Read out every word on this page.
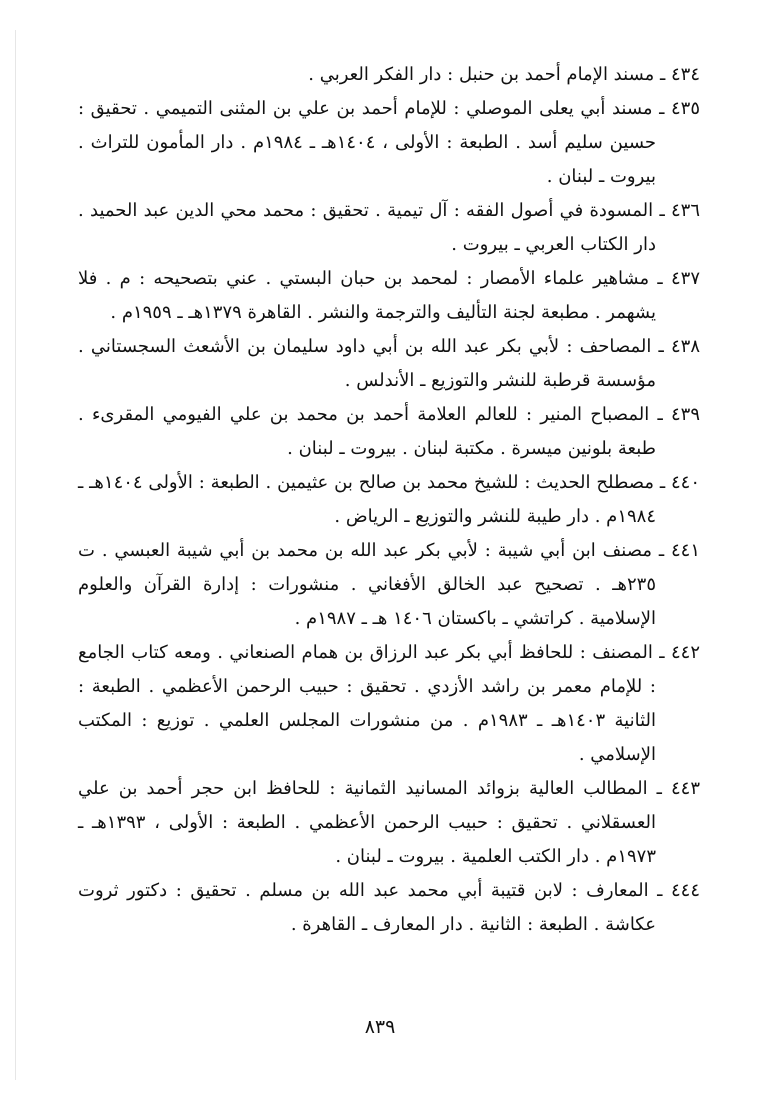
٤٣٤ ـ مسند الإمام أحمد بن حنبل : دار الفكر العربي .

٤٣٥ ـ مسند أبي يعلى الموصلي : للإمام أحمد بن علي بن المثنى التميمي . تحقيق : حسين سليم أسد . الطبعة : الأولى ، ١٤٠٤هـ ـ ١٩٨٤م . دار المأمون للتراث . بيروت ـ لبنان .

٤٣٦ ـ المسودة في أصول الفقه : آل تيمية . تحقيق : محمد محي الدين عبد الحميد . دار الكتاب العربي ـ بيروت .

٤٣٧ ـ مشاهير علماء الأمصار : لمحمد بن حبان البستي . عني بتصحيحه : م . فلا يشهمر . مطبعة لجنة التأليف والترجمة والنشر . القاهرة ١٣٧٩هـ ـ ١٩٥٩م .

٤٣٨ ـ المصاحف : لأبي بكر عبد الله بن أبي داود سليمان بن الأشعث السجستاني . مؤسسة قرطبة للنشر والتوزيع ـ الأندلس .

٤٣٩ ـ المصباح المنير : للعالم العلامة أحمد بن محمد بن علي الفيومي المقرىء . طبعة بلونين ميسرة . مكتبة لبنان . بيروت ـ لبنان .

٤٤٠ ـ مصطلح الحديث : للشيخ محمد بن صالح بن عثيمين . الطبعة : الأولى ١٤٠٤هـ ـ ١٩٨٤م . دار طيبة للنشر والتوزيع ـ الرياض .

٤٤١ ـ مصنف ابن أبي شيبة : لأبي بكر عبد الله بن محمد بن أبي شيبة العبسي . ت ٢٣٥هـ . تصحيح عبد الخالق الأفغاني . منشورات : إدارة القرآن والعلوم الإسلامية . كراتشي ـ باكستان ١٤٠٦ هـ ـ ١٩٨٧م .

٤٤٢ ـ المصنف : للحافظ أبي بكر عبد الرزاق بن همام الصنعاني . ومعه كتاب الجامع : للإمام معمر بن راشد الأزدي . تحقيق : حبيب الرحمن الأعظمي . الطبعة : الثانية ١٤٠٣هـ ـ ١٩٨٣م . من منشورات المجلس العلمي . توزيع : المكتب الإسلامي .

٤٤٣ ـ المطالب العالية بزوائد المسانيد الثمانية : للحافظ ابن حجر أحمد بن علي العسقلاني . تحقيق : حبيب الرحمن الأعظمي . الطبعة : الأولى ، ١٣٩٣هـ ـ ١٩٧٣م . دار الكتب العلمية . بيروت ـ لبنان .

٤٤٤ ـ المعارف : لابن قتيبة أبي محمد عبد الله بن مسلم . تحقيق : دكتور ثروت عكاشة . الطبعة : الثانية . دار المعارف ـ القاهرة .

٨٣٩
